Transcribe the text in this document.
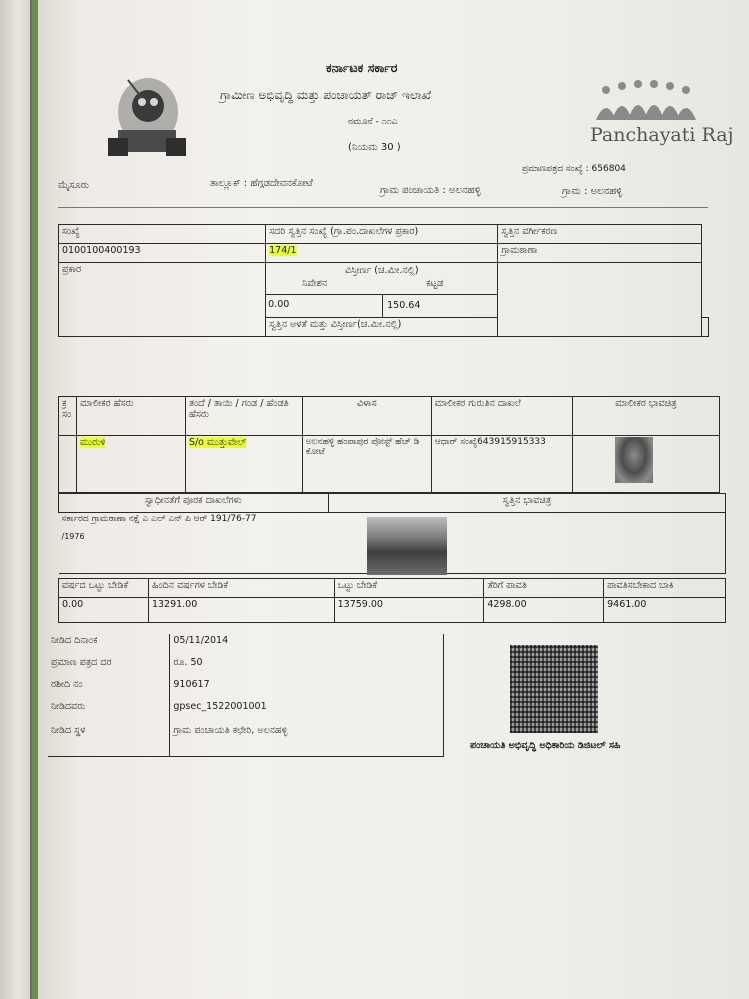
Panchayati Raj
ಕರ್ನಾಟಕ ಸರ್ಕಾರ
ಗ್ರಾಮೀಣ ಅಭಿವೃದ್ಧಿ ಮತ್ತು ಪಂಚಾಯತ್ ರಾಜ್ ಇಲಾಖೆ
ನಮೂನೆ - ೧೧ಎ
(ನಿಯಮ 30 )
ಪ್ರಮಾಣಪತ್ರದ ಸಂಖ್ಯೆ : 656804
ಮೈಸೂರು	ತಾಲ್ಲೂಕ್ : ಹೆಗ್ಗಡದೇವನಕೋಟೆ
ಗ್ರಾಮ ಪಂಚಾಯತಿ : ಅಲನಹಳ್ಳಿ	ಗ್ರಾಮ : ಅಲನಹಳ್ಳಿ
ಸಂಖ್ಯೆ	ಸದರಿ ಸ್ವತ್ತಿನ ಸಂಖ್ಯೆ (ಗ್ರಾ.ಪಂ.ದಾಖಲೆಗಳ ಪ್ರಕಾರ)	ಸ್ವತ್ತಿನ ವರ್ಗೀಕರಣ	
0100100400193	174/1	ಗ್ರಾಮಠಾಣಾ	
ಪ್ರಕಾರ	ವಿಸ್ತೀರ್ಣ (ಚ.ಮೀ.ನಲ್ಲಿ)
ನಿವೇಶನ ಕಟ್ಟಡ
0.00 150.64		

	ಸ್ವತ್ತಿನ ಅಳತೆ ಮತ್ತು ವಿಸ್ತೀರ್ಣ(ಚ.ಮೀ.ನಲ್ಲಿ)		
ಕ್ರ ಸಂ	ಮಾಲೀಕರ ಹೆಸರು	ತಂದೆ / ತಾಯಿ / ಗಂಡ / ಹೆಂಡತಿ ಹೆಸರು	ವಿಳಾಸ	ಮಾಲೀಕರ ಗುರುತಿನ ದಾಖಲೆ	ಮಾಲೀಕರ ಭಾವಚಿತ್ರ
	ಮುರುಳಿ	S/o ಮುತ್ತುವೇಲ್	ಅಲನಹಳ್ಳಿ ಹಂಪಾಪುರ ಪೋಸ್ಟ್ ಹೆಚ್ ಡಿ ಕೋಟೆ	ಆಧಾರ್ ಸಂಖ್ಯೆ643915915333	
ಸ್ವಾಧೀನತೆಗೆ ಪೂರಕ ದಾಖಲೆಗಳು	ಸ್ವತ್ತಿನ ಭಾವಚಿತ್ರ

ಸರ್ಕಾರದ ಗ್ರಾಮಠಾಣಾ ನಕ್ಷೆ ಎ ಎಲ್ ಎನ್ ಪಿ ಆರ್ 191/76-77
/1976
ವರ್ಷದ ಒಟ್ಟು ಬೇಡಿಕೆ	ಹಿಂದಿನ ವರ್ಷಗಳ ಬೇಡಿಕೆ	ಒಟ್ಟು ಬೇಡಿಕೆ	ತೆರಿಗೆ ಪಾವತಿ	ಪಾವತಿಸಬೇಕಾದ ಬಾಕಿ
0.00	13291.00	13759.00	4298.00	9461.00
ನೀಡಿದ ದಿನಾಂಕ	05/11/2014
ಪ್ರಮಾಣ ಪತ್ರದ ದರ	ರೂ. 50
ರಶೀದಿ ನಂ	910617
ನೀಡಿದವರು	gpsec_1522001001
ನೀಡಿದ ಸ್ಥಳ	ಗ್ರಾಮ ಪಂಚಾಯತಿ ಕಛೇರಿ, ಅಲನಹಳ್ಳಿ
ಪಂಚಾಯತಿ ಅಭಿವೃದ್ಧಿ ಅಧಿಕಾರಿಯ ಡಿಜಿಟಲ್ ಸಹಿ
